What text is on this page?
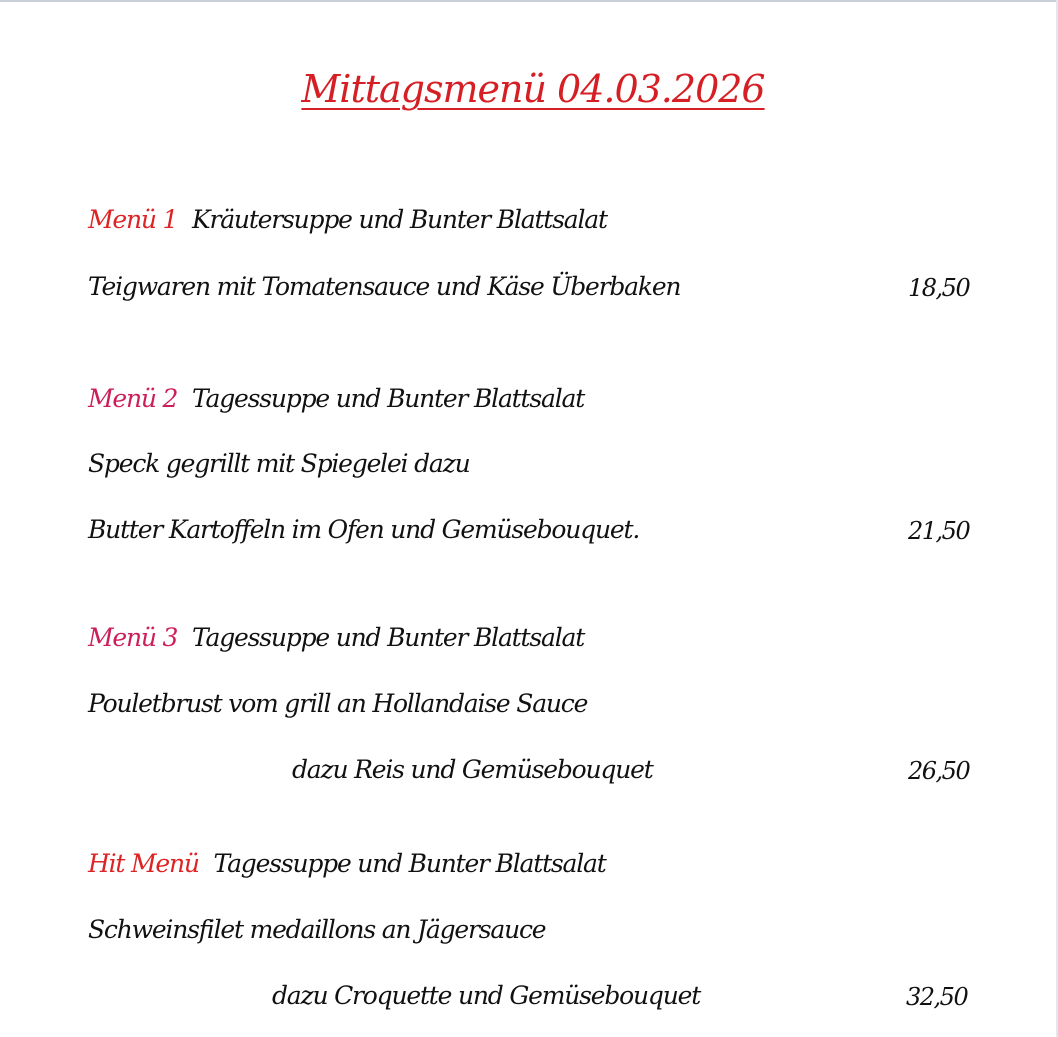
Mittagsmenü 04.03.2026
Menü 1 Kräutersuppe und Bunter Blattsalat
Teigwaren mit Tomatensauce und Käse Überbaken	18,50
Menü 2 Tagessuppe und Bunter Blattsalat
Speck gegrillt mit Spiegelei dazu
Butter Kartoffeln im Ofen und Gemüsebouquet.	21,50
Menü 3 Tagessuppe und Bunter Blattsalat
Pouletbrust vom grill an Hollandaise Sauce
dazu Reis und Gemüsebouquet	26,50
Hit Menü Tagessuppe und Bunter Blattsalat
Schweinsfilet medaillons an Jägersauce
dazu Croquette und Gemüsebouquet	32,50
